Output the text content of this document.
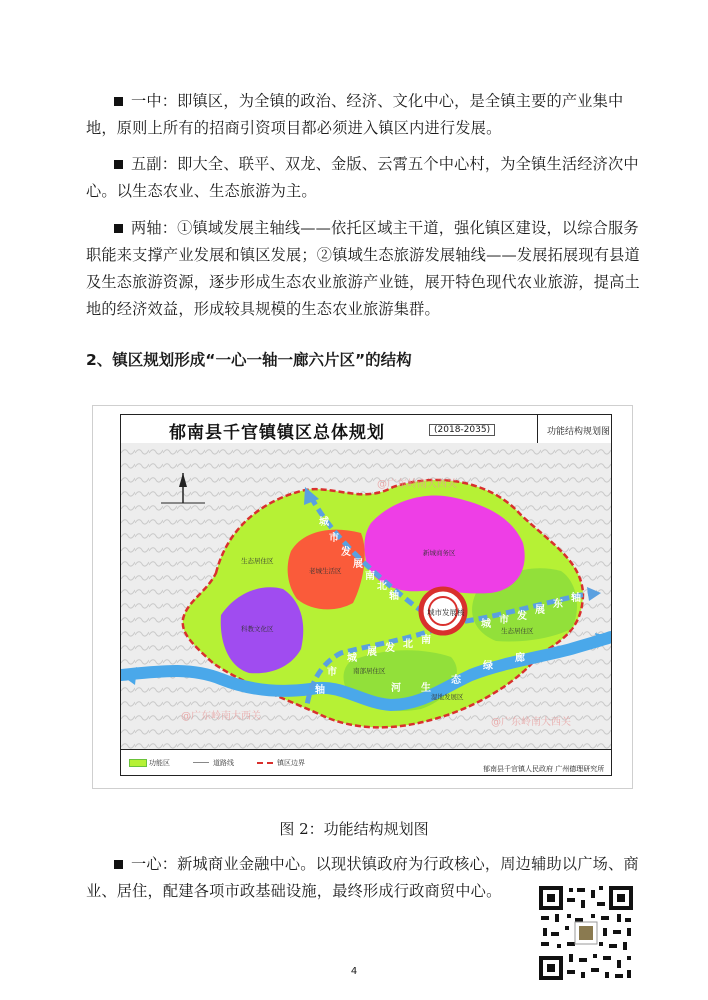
一中：即镇区，为全镇的政治、经济、文化中心，是全镇主要的产业集中地，原则上所有的招商引资项目都必须进入镇区内进行发展。

五副：即大全、联平、双龙、金版、云霄五个中心村，为全镇生活经济次中心。以生态农业、生态旅游为主。

两轴：①镇域发展主轴线——依托区域主干道，强化镇区建设，以综合服务职能来支撑产业发展和镇区发展；②镇域生态旅游发展轴线——发展拓展现有县道及生态旅游资源，逐步形成生态农业旅游产业链，展开特色现代农业旅游，提高土地的经济效益，形成较具规模的生态农业旅游集群。

2、镇区规划形成“一心一轴一廊六片区”的结构
郁南县千官镇镇区总体规划	(2018-2035)	功能结构规划图
城市发展核
生态居住区
老城生活区
新城商务区
科教文化区	生态居住区
南部居住区
湿地发展区
城
市
发
展
南
北
轴
城 市 发
展
东
轴
南
北
发
展
城
市
轴	河 生
态
绿
廊
@广东岭南大西关
@广东岭南大西关
@广东岭南大西关
功能区	道路线	镇区边界
郁南县千官镇人民政府 广州德理研究所

图 2：功能结构规划图

一心：新城商业金融中心。以现状镇政府为行政核心，周边辅助以广场、商业、居住，配建各项市政基础设施，最终形成行政商贸中心。

4
